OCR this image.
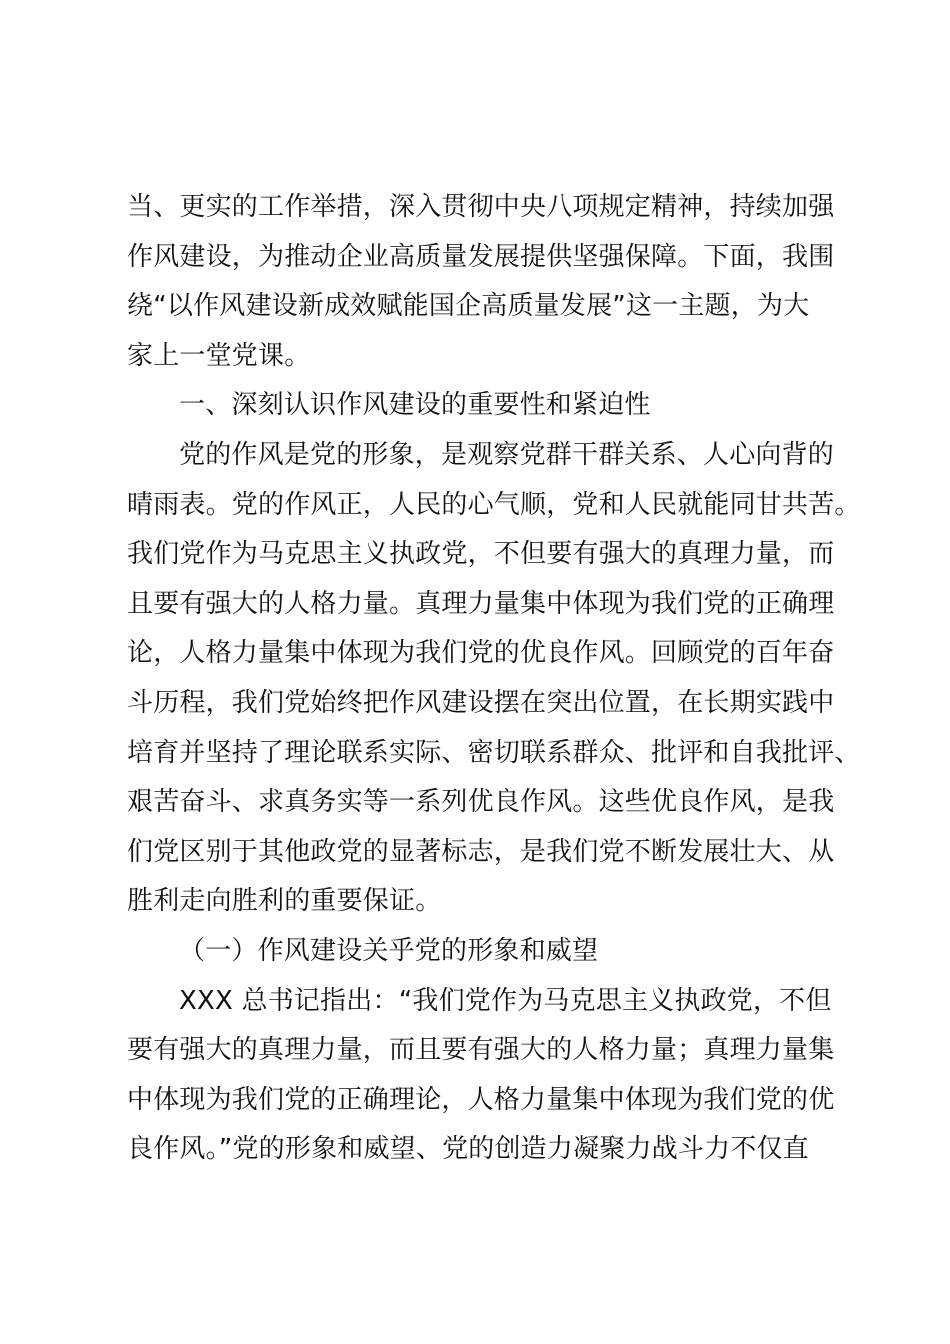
当、更实的工作举措，深入贯彻中央八项规定精神，持续加强
作风建设，为推动企业高质量发展提供坚强保障。下面，我围
绕“以作风建设新成效赋能国企高质量发展”这一主题，为大
家上一堂党课。
一、深刻认识作风建设的重要性和紧迫性
党的作风是党的形象，是观察党群干群关系、人心向背的
晴雨表。党的作风正，人民的心气顺，党和人民就能同甘共苦。
我们党作为马克思主义执政党，不但要有强大的真理力量，而
且要有强大的人格力量。真理力量集中体现为我们党的正确理
论，人格力量集中体现为我们党的优良作风。回顾党的百年奋
斗历程，我们党始终把作风建设摆在突出位置，在长期实践中
培育并坚持了理论联系实际、密切联系群众、批评和自我批评、
艰苦奋斗、求真务实等一系列优良作风。这些优良作风，是我
们党区别于其他政党的显著标志，是我们党不断发展壮大、从
胜利走向胜利的重要保证。
（一）作风建设关乎党的形象和威望
XXX 总书记指出：“我们党作为马克思主义执政党，不但
要有强大的真理力量，而且要有强大的人格力量；真理力量集
中体现为我们党的正确理论，人格力量集中体现为我们党的优
良作风。”党的形象和威望、党的创造力凝聚力战斗力不仅直
